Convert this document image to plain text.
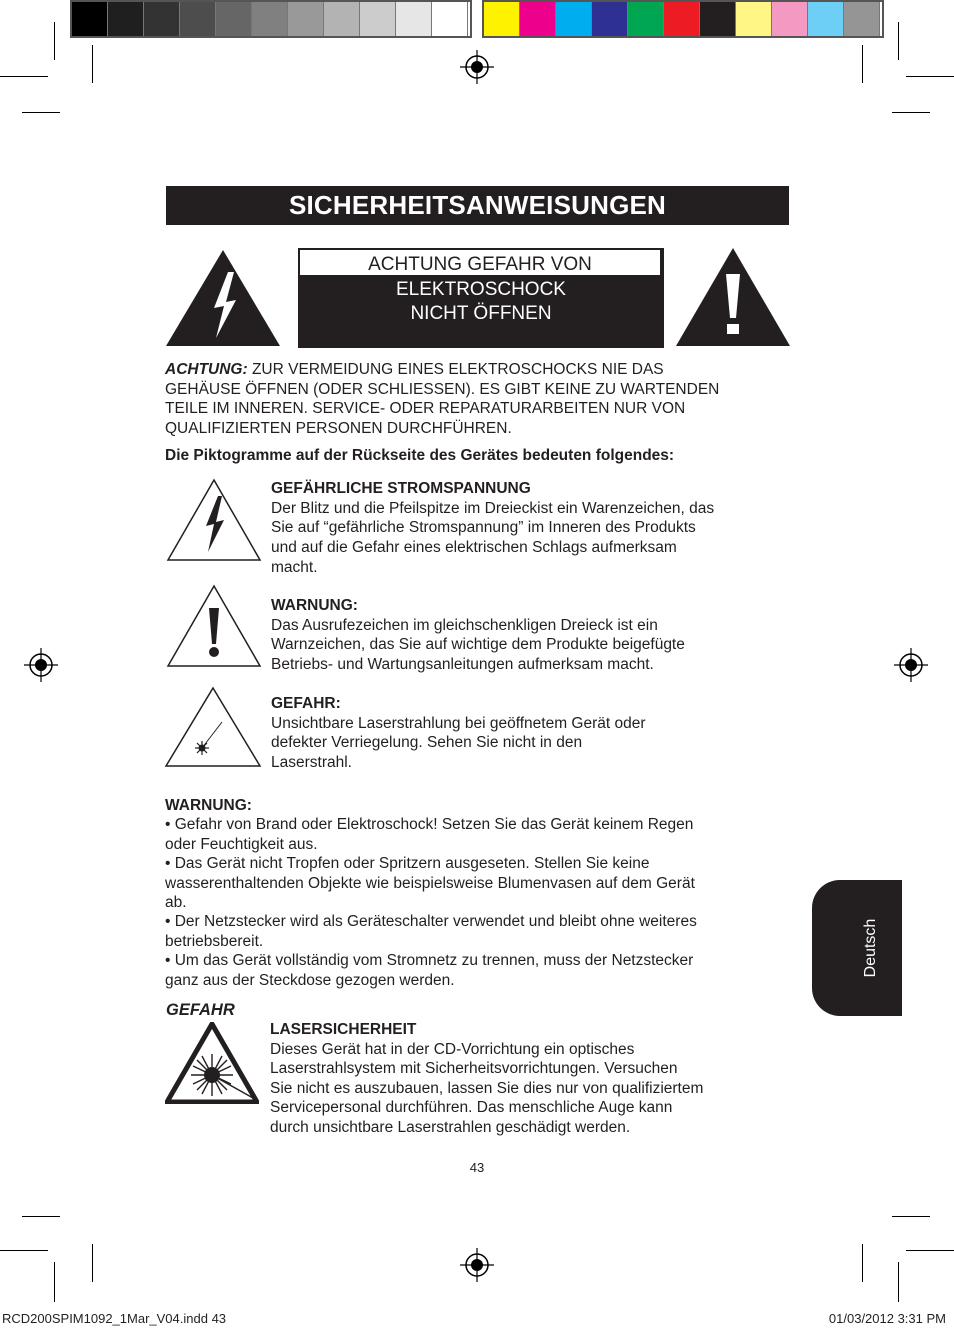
SICHERHEITSANWEISUNGEN
ACHTUNG GEFAHR VON
ELEKTROSCHOCK
NICHT ÖFFNEN
ACHTUNG: ZUR VERMEIDUNG EINES ELEKTROSCHOCKS NIE DAS
GEHÄUSE ÖFFNEN (ODER SCHLIESSEN). ES GIBT KEINE ZU WARTENDEN
TEILE IM INNEREN. SERVICE- ODER REPARATURARBEITEN NUR VON
QUALIFIZIERTEN PERSONEN DURCHFÜHREN.
Die Piktogramme auf der Rückseite des Gerätes bedeuten folgendes:
GEFÄHRLICHE STROMSPANNUNG
Der Blitz und die Pfeilspitze im Dreieckist ein Warenzeichen, das
Sie auf “gefährliche Stromspannung” im Inneren des Produkts
und auf die Gefahr eines elektrischen Schlags aufmerksam
macht.
WARNUNG:
Das Ausrufezeichen im gleichschenkligen Dreieck ist ein
Warnzeichen, das Sie auf wichtige dem Produkte beigefügte
Betriebs- und Wartungsanleitungen aufmerksam macht.
GEFAHR:
Unsichtbare Laserstrahlung bei geöffnetem Gerät oder
defekter Verriegelung. Sehen Sie nicht in den
Laserstrahl.
WARNUNG:
• Gefahr von Brand oder Elektroschock! Setzen Sie das Gerät keinem Regen
oder Feuchtigkeit aus.
• Das Gerät nicht Tropfen oder Spritzern ausgeseten. Stellen Sie keine
wasserenthaltenden Objekte wie beispielsweise Blumenvasen auf dem Gerät
ab.
• Der Netzstecker wird als Geräteschalter verwendet und bleibt ohne weiteres
betriebsbereit.
• Um das Gerät vollständig vom Stromnetz zu trennen, muss der Netzstecker
ganz aus der Steckdose gezogen werden.
GEFAHR
LASERSICHERHEIT
Dieses Gerät hat in der CD-Vorrichtung ein optisches
Laserstrahlsystem mit Sicherheitsvorrichtungen. Versuchen
Sie nicht es auszubauen, lassen Sie dies nur von qualifiziertem
Servicepersonal durchführen. Das menschliche Auge kann
durch unsichtbare Laserstrahlen geschädigt werden.
43
Deutsch
RCD200SPIM1092_1Mar_V04.indd 43	01/03/2012 3:31 PM
